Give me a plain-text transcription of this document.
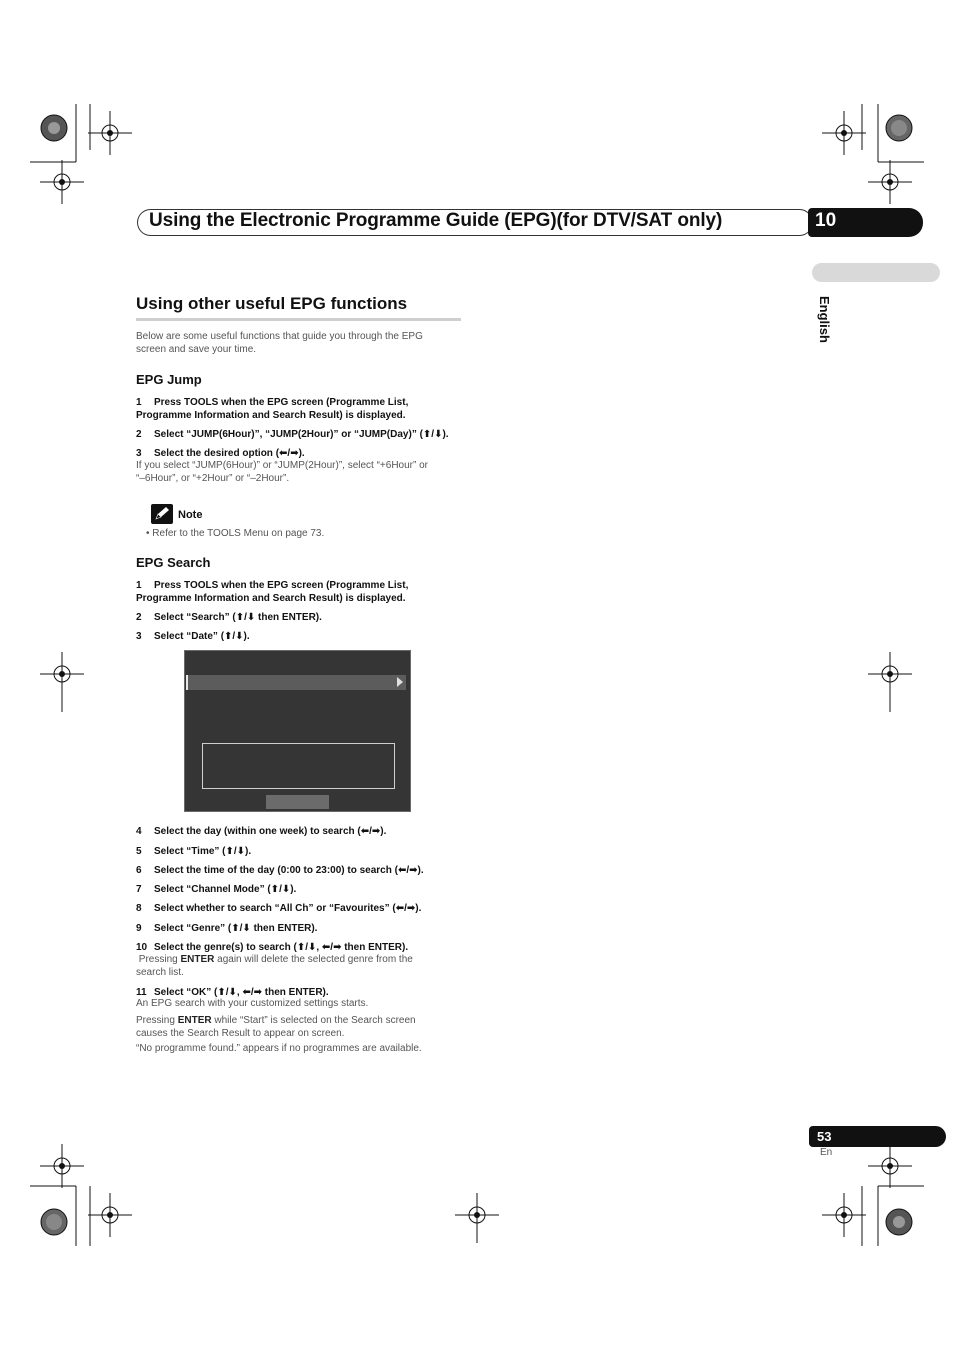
Using the Electronic Programme Guide (EPG)(for DTV/SAT only)	10
English
Using other useful EPG functions
Below are some useful functions that guide you through the EPG
screen and save your time.
EPG Jump
1 Press TOOLS when the EPG screen (Programme List,
Programme Information and Search Result) is displayed.
2 Select “JUMP(6Hour)”, “JUMP(2Hour)” or “JUMP(Day)” (⬆/⬇).
3 Select the desired option (⬅/➡).
If you select “JUMP(6Hour)” or “JUMP(2Hour)”, select “+6Hour” or
“–6Hour”, or “+2Hour” or “–2Hour”.
Note
• Refer to the TOOLS Menu on page 73.
EPG Search
1 Press TOOLS when the EPG screen (Programme List,
Programme Information and Search Result) is displayed.
2 Select “Search” (⬆/⬇ then ENTER).
3 Select “Date” (⬆/⬇).
4 Select the day (within one week) to search (⬅/➡).
5 Select “Time” (⬆/⬇).
6 Select the time of the day (0:00 to 23:00) to search (⬅/➡).
7 Select “Channel Mode” (⬆/⬇).
8 Select whether to search “All Ch” or “Favourites” (⬅/➡).
9 Select “Genre” (⬆/⬇ then ENTER).
10 Select the genre(s) to search (⬆/⬇, ⬅/➡ then ENTER).
Pressing ENTER again will delete the selected genre from the
search list.
11 Select “OK” (⬆/⬇, ⬅/➡ then ENTER).
An EPG search with your customized settings starts.
Pressing ENTER while “Start” is selected on the Search screen
causes the Search Result to appear on screen.
“No programme found.” appears if no programmes are available.
53
En
